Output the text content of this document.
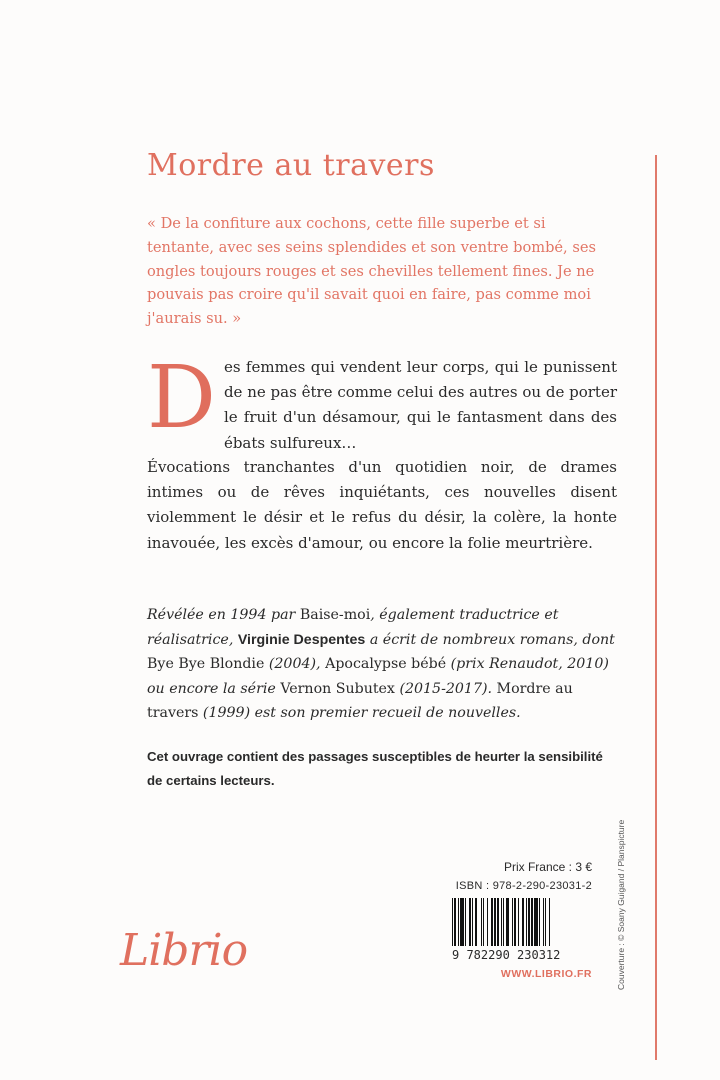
Mordre au travers

« De la confiture aux cochons, cette fille superbe et si tentante, avec ses seins splendides et son ventre bombé, ses ongles toujours rouges et ses chevilles tellement fines. Je ne pouvais pas croire qu'il savait quoi en faire, pas comme moi j'aurais su. »

Des femmes qui vendent leur corps, qui le punissent de ne pas être comme celui des autres ou de porter le fruit d'un désamour, qui le fantasment dans des ébats sulfureux…

Évocations tranchantes d'un quotidien noir, de drames intimes ou de rêves inquiétants, ces nouvelles disent violemment le désir et le refus du désir, la colère, la honte inavouée, les excès d'amour, ou encore la folie meurtrière.

Révélée en 1994 par Baise-moi, également traductrice et réalisatrice, Virginie Despentes a écrit de nombreux romans, dont Bye Bye Blondie (2004), Apocalypse bébé (prix Renaudot, 2010) ou encore la série Vernon Subutex (2015-2017). Mordre au travers (1999) est son premier recueil de nouvelles.

Cet ouvrage contient des passages susceptibles de heurter la sensibilité de certains lecteurs.

Librio
Prix France : 3 €
ISBN : 978-2-290-23031-2
9 782290 230312
WWW.LIBRIO.FR	Couverture : © Soany Guigand / Planspicture
